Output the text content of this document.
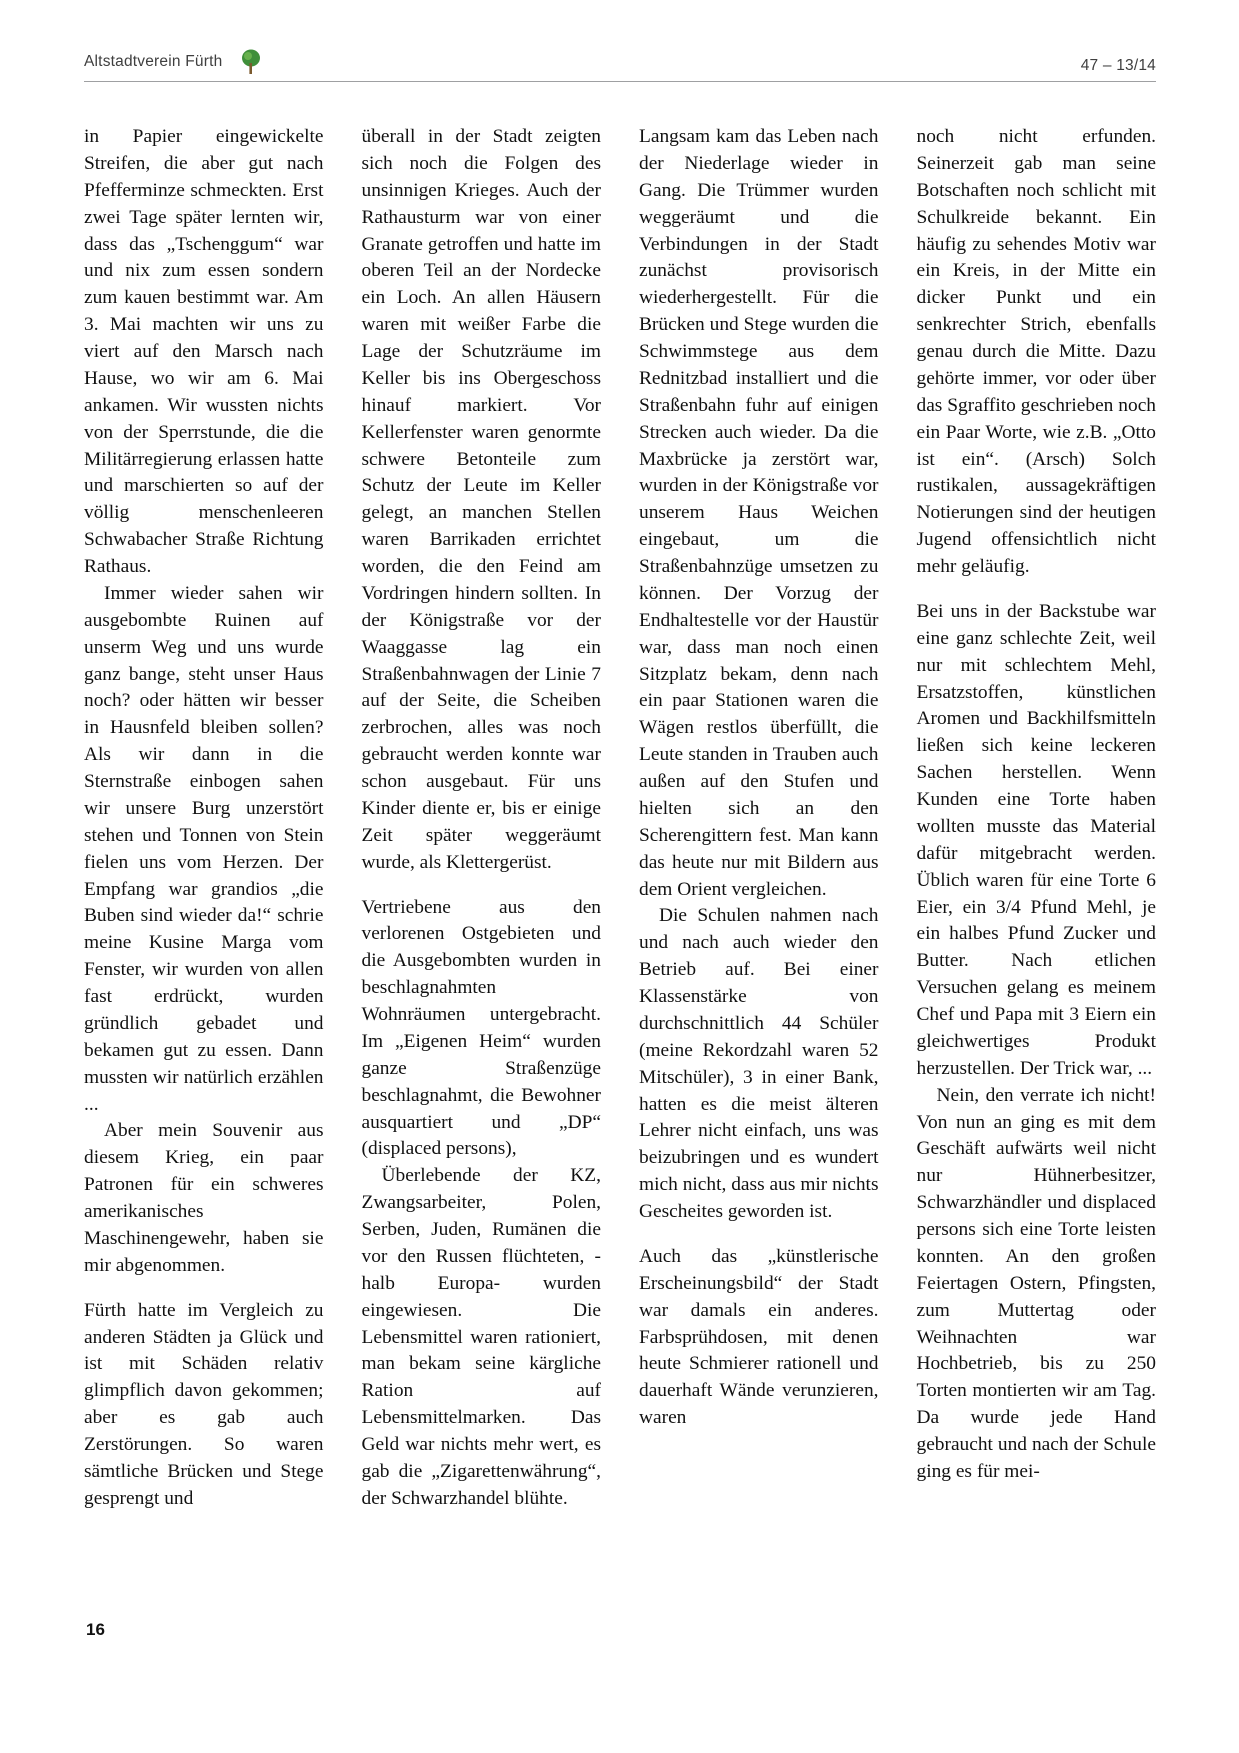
Altstadtverein Fürth	47 – 13/14

in Papier eingewickelte Streifen, die aber gut nach Pfefferminze schmeckten. Erst zwei Tage später lernten wir, dass das „Tschenggum“ war und nix zum essen sondern zum kauen bestimmt war. Am 3. Mai machten wir uns zu viert auf den Marsch nach Hause, wo wir am 6. Mai ankamen. Wir wussten nichts von der Sperrstunde, die die Militärregierung erlassen hatte und marschierten so auf der völlig menschenleeren Schwabacher Straße Richtung Rathaus.

Immer wieder sahen wir ausgebombte Ruinen auf unserm Weg und uns wurde ganz bange, steht unser Haus noch? oder hätten wir besser in Hausnfeld bleiben sollen? Als wir dann in die Sternstraße einbogen sahen wir unsere Burg unzerstört stehen und Tonnen von Stein fielen uns vom Herzen. Der Empfang war grandios „die Buben sind wieder da!“ schrie meine Kusine Marga vom Fenster, wir wurden von allen fast erdrückt, wurden gründlich gebadet und bekamen gut zu essen. Dann mussten wir natürlich erzählen ...

Aber mein Souvenir aus diesem Krieg, ein paar Patronen für ein schweres amerikanisches Maschinengewehr, haben sie mir abgenommen.

Fürth hatte im Vergleich zu anderen Städten ja Glück und ist mit Schäden relativ glimpflich davon gekommen; aber es gab auch Zerstörungen. So waren sämtliche Brücken und Stege gesprengt und

überall in der Stadt zeigten sich noch die Folgen des unsinnigen Krieges. Auch der Rathausturm war von einer Granate getroffen und hatte im oberen Teil an der Nordecke ein Loch. An allen Häusern waren mit weißer Farbe die Lage der Schutzräume im Keller bis ins Obergeschoss hinauf markiert. Vor Kellerfenster waren genormte schwere Betonteile zum Schutz der Leute im Keller gelegt, an manchen Stellen waren Barrikaden errichtet worden, die den Feind am Vordringen hindern sollten. In der Königstraße vor der Waaggasse lag ein Straßenbahnwagen der Linie 7 auf der Seite, die Scheiben zerbrochen, alles was noch gebraucht werden konnte war schon ausgebaut. Für uns Kinder diente er, bis er einige Zeit später weggeräumt wurde, als Klettergerüst.

Vertriebene aus den verlorenen Ostgebieten und die Ausgebombten wurden in beschlagnahmten Wohnräumen untergebracht. Im „Eigenen Heim“ wurden ganze Straßenzüge beschlagnahmt, die Bewohner ausquartiert und „DP“ (displaced persons),

Überlebende der KZ, Zwangsarbeiter, Polen, Serben, Juden, Rumänen die vor den Russen flüchteten, -halb Europa- wurden eingewiesen. Die Lebensmittel waren rationiert, man bekam seine kärgliche Ration auf Lebensmittelmarken. Das Geld war nichts mehr wert, es gab die „Zigarettenwährung“, der Schwarzhandel blühte.

Langsam kam das Leben nach der Niederlage wieder in Gang. Die Trümmer wurden weggeräumt und die Verbindungen in der Stadt zunächst provisorisch wiederhergestellt. Für die Brücken und Stege wurden die Schwimmstege aus dem Rednitzbad installiert und die Straßenbahn fuhr auf einigen Strecken auch wieder. Da die Maxbrücke ja zerstört war, wurden in der Königstraße vor unserem Haus Weichen eingebaut, um die Straßenbahnzüge umsetzen zu können. Der Vorzug der Endhaltestelle vor der Haustür war, dass man noch einen Sitzplatz bekam, denn nach ein paar Stationen waren die Wägen restlos überfüllt, die Leute standen in Trauben auch außen auf den Stufen und hielten sich an den Scherengittern fest. Man kann das heute nur mit Bildern aus dem Orient vergleichen.

Die Schulen nahmen nach und nach auch wieder den Betrieb auf. Bei einer Klassenstärke von durchschnittlich 44 Schüler (meine Rekordzahl waren 52 Mitschüler), 3 in einer Bank, hatten es die meist älteren Lehrer nicht einfach, uns was beizubringen und es wundert mich nicht, dass aus mir nichts Gescheites geworden ist.

Auch das „künstlerische Erscheinungsbild“ der Stadt war damals ein anderes. Farbsprühdosen, mit denen heute Schmierer rationell und dauerhaft Wände verunzieren, waren

noch nicht erfunden. Seinerzeit gab man seine Botschaften noch schlicht mit Schulkreide bekannt. Ein häufig zu sehendes Motiv war ein Kreis, in der Mitte ein dicker Punkt und ein senkrechter Strich, ebenfalls genau durch die Mitte. Dazu gehörte immer, vor oder über das Sgraffito geschrieben noch ein Paar Worte, wie z.B. „Otto ist ein“. (Arsch) Solch rustikalen, aussagekräftigen Notierungen sind der heutigen Jugend offensichtlich nicht mehr geläufig.

Bei uns in der Backstube war eine ganz schlechte Zeit, weil nur mit schlechtem Mehl, Ersatzstoffen, künstlichen Aromen und Backhilfsmitteln ließen sich keine leckeren Sachen herstellen. Wenn Kunden eine Torte haben wollten musste das Material dafür mitgebracht werden. Üblich waren für eine Torte 6 Eier, ein 3/4 Pfund Mehl, je ein halbes Pfund Zucker und Butter. Nach etlichen Versuchen gelang es meinem Chef und Papa mit 3 Eiern ein gleichwertiges Produkt herzustellen. Der Trick war, ...

Nein, den verrate ich nicht! Von nun an ging es mit dem Geschäft aufwärts weil nicht nur Hühnerbesitzer, Schwarzhändler und displaced persons sich eine Torte leisten konnten. An den großen Feiertagen Ostern, Pfingsten, zum Muttertag oder Weihnachten war Hochbetrieb, bis zu 250 Torten montierten wir am Tag. Da wurde jede Hand gebraucht und nach der Schule ging es für mei-

16
